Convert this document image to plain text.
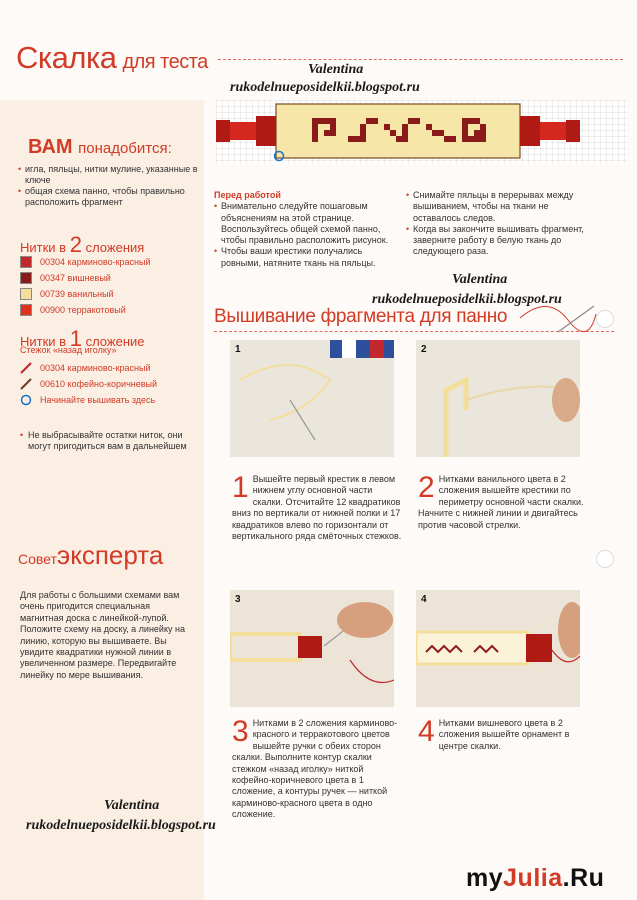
Скалка для теста	Valentina
rukodelnueposidelkii.blogspot.ru
ВАМ понадобится:
• игла, пяльцы, нитки мулине, указанные в ключе
• общая схема панно, чтобы правильно расположить фрагмент
Нитки в 2 сложения
00304 карминово-красный
00347 вишневый
00739 ванильный
00900 терракотовый
Нитки в 1 сложение
Стежок «назад иголку»
00304 карминово-красный
00610 кофейно-коричневый
Начинайте вышивать здесь
• Не выбрасывайте остатки ниток, они могут пригодиться вам в дальнейшем
Советэксперта
Для работы с большими схемами вам очень пригодится специальная магнитная доска с линейкой-лупой. Положите схему на доску, а линейку на линию, которую вы вышиваете. Вы увидите квадратики нужной линии в увеличенном размере. Передвигайте линейку по мере вышивания.
Перед работой
• Внимательно следуйте пошаговым объяснениям на этой странице. Воспользуйтесь общей схемой панно, чтобы правильно расположить рисунок.
• Чтобы ваши крестики получались ровными, натяните ткань на пяльцы.
• Снимайте пяльцы в перерывах между вышиванием, чтобы на ткани не оставалось следов.
• Когда вы закончите вышивать фрагмент, заверните работу в белую ткань до следующего раза.
Valentina
rukodelnueposidelkii.blogspot.ru
Вышивание фрагмента для панно
1	2
1 Вышейте первый крестик в левом нижнем углу основной части скалки. Отсчитайте 12 квадратиков вниз по вертикали от нижней полки и 17 квадратиков влево по горизонтали от вертикального ряда смёточных стежков.
2 Нитками ванильного цвета в 2 сложения вышейте крестики по периметру основной части скалки. Начните с нижней линии и двигайтесь против часовой стрелки.
3	4
3 Нитками в 2 сложения карминово-красного и терракотового цветов вышейте ручки с обеих сторон скалки. Выполните контур скалки стежком «назад иголку» ниткой кофейно-коричневого цвета в 1 сложение, а контуры ручек — ниткой карминово-красного цвета в одно сложение.
4 Нитками вишневого цвета в 2 сложения вышейте орнамент в центре скалки.
Valentina
rukodelnueposidelkii.blogspot.ru
myJulia.Ru
